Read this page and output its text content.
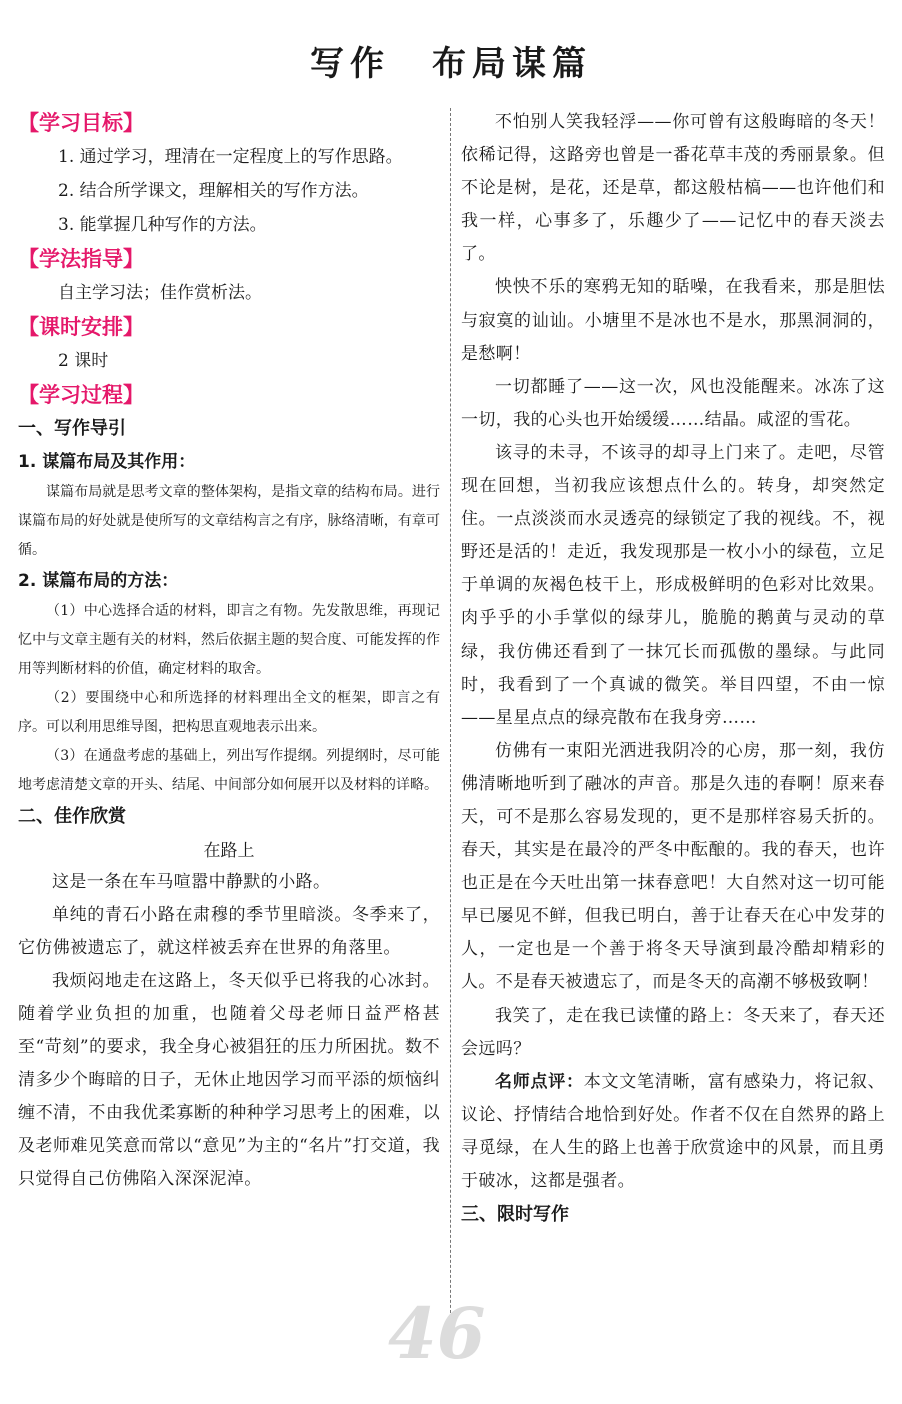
写作 布局谋篇
【学习目标】
1. 通过学习，理清在一定程度上的写作思路。
2. 结合所学课文，理解相关的写作方法。
3. 能掌握几种写作的方法。
【学法指导】
自主学习法；佳作赏析法。
【课时安排】
2 课时
【学习过程】
一、写作导引
1. 谋篇布局及其作用：

谋篇布局就是思考文章的整体架构，是指文章的结构布局。进行谋篇布局的好处就是使所写的文章结构言之有序，脉络清晰，有章可循。

2. 谋篇布局的方法：

（1）中心选择合适的材料，即言之有物。先发散思维，再现记忆中与文章主题有关的材料，然后依据主题的契合度、可能发挥的作用等判断材料的价值，确定材料的取舍。

（2）要围绕中心和所选择的材料理出全文的框架，即言之有序。可以利用思维导图，把构思直观地表示出来。

（3）在通盘考虑的基础上，列出写作提纲。列提纲时，尽可能地考虑清楚文章的开头、结尾、中间部分如何展开以及材料的详略。

二、佳作欣赏
在路上

这是一条在车马喧嚣中静默的小路。

单纯的青石小路在肃穆的季节里暗淡。冬季来了，它仿佛被遗忘了，就这样被丢弃在世界的角落里。

我烦闷地走在这路上，冬天似乎已将我的心冰封。随着学业负担的加重，也随着父母老师日益严格甚至“苛刻”的要求，我全身心被猖狂的压力所困扰。数不清多少个晦暗的日子，无休止地因学习而平添的烦恼纠缠不清，不由我优柔寡断的种种学习思考上的困难，以及老师难见笑意而常以“意见”为主的“名片”打交道，我只觉得自己仿佛陷入深深泥淖。

不怕别人笑我轻浮——你可曾有这般晦暗的冬天！依稀记得，这路旁也曾是一番花草丰茂的秀丽景象。但不论是树，是花，还是草，都这般枯槁——也许他们和我一样，心事多了，乐趣少了——记忆中的春天淡去了。

怏怏不乐的寒鸦无知的聒噪，在我看来，那是胆怯与寂寞的讪讪。小塘里不是冰也不是水，那黑洞洞的，是愁啊！

一切都睡了——这一次，风也没能醒来。冰冻了这一切，我的心头也开始缓缓……结晶。咸涩的雪花。

该寻的未寻，不该寻的却寻上门来了。走吧，尽管现在回想，当初我应该想点什么的。转身，却突然定住。一点淡淡而水灵透亮的绿锁定了我的视线。不，视野还是活的！走近，我发现那是一枚小小的绿苞，立足于单调的灰褐色枝干上，形成极鲜明的色彩对比效果。肉乎乎的小手掌似的绿芽儿，脆脆的鹅黄与灵动的草绿，我仿佛还看到了一抹冗长而孤傲的墨绿。与此同时，我看到了一个真诚的微笑。举目四望，不由一惊——星星点点的绿亮散布在我身旁……

仿佛有一束阳光洒进我阴冷的心房，那一刻，我仿佛清晰地听到了融冰的声音。那是久违的春啊！原来春天，可不是那么容易发现的，更不是那样容易夭折的。春天，其实是在最冷的严冬中酝酿的。我的春天，也许也正是在今天吐出第一抹春意吧！大自然对这一切可能早已屡见不鲜，但我已明白，善于让春天在心中发芽的人，一定也是一个善于将冬天导演到最冷酷却精彩的人。不是春天被遗忘了，而是冬天的高潮不够极致啊！

我笑了，走在我已读懂的路上：冬天来了，春天还会远吗？

名师点评：本文文笔清晰，富有感染力，将记叙、议论、抒情结合地恰到好处。作者不仅在自然界的路上寻觅绿，在人生的路上也善于欣赏途中的风景，而且勇于破冰，这都是强者。

三、限时写作
46
